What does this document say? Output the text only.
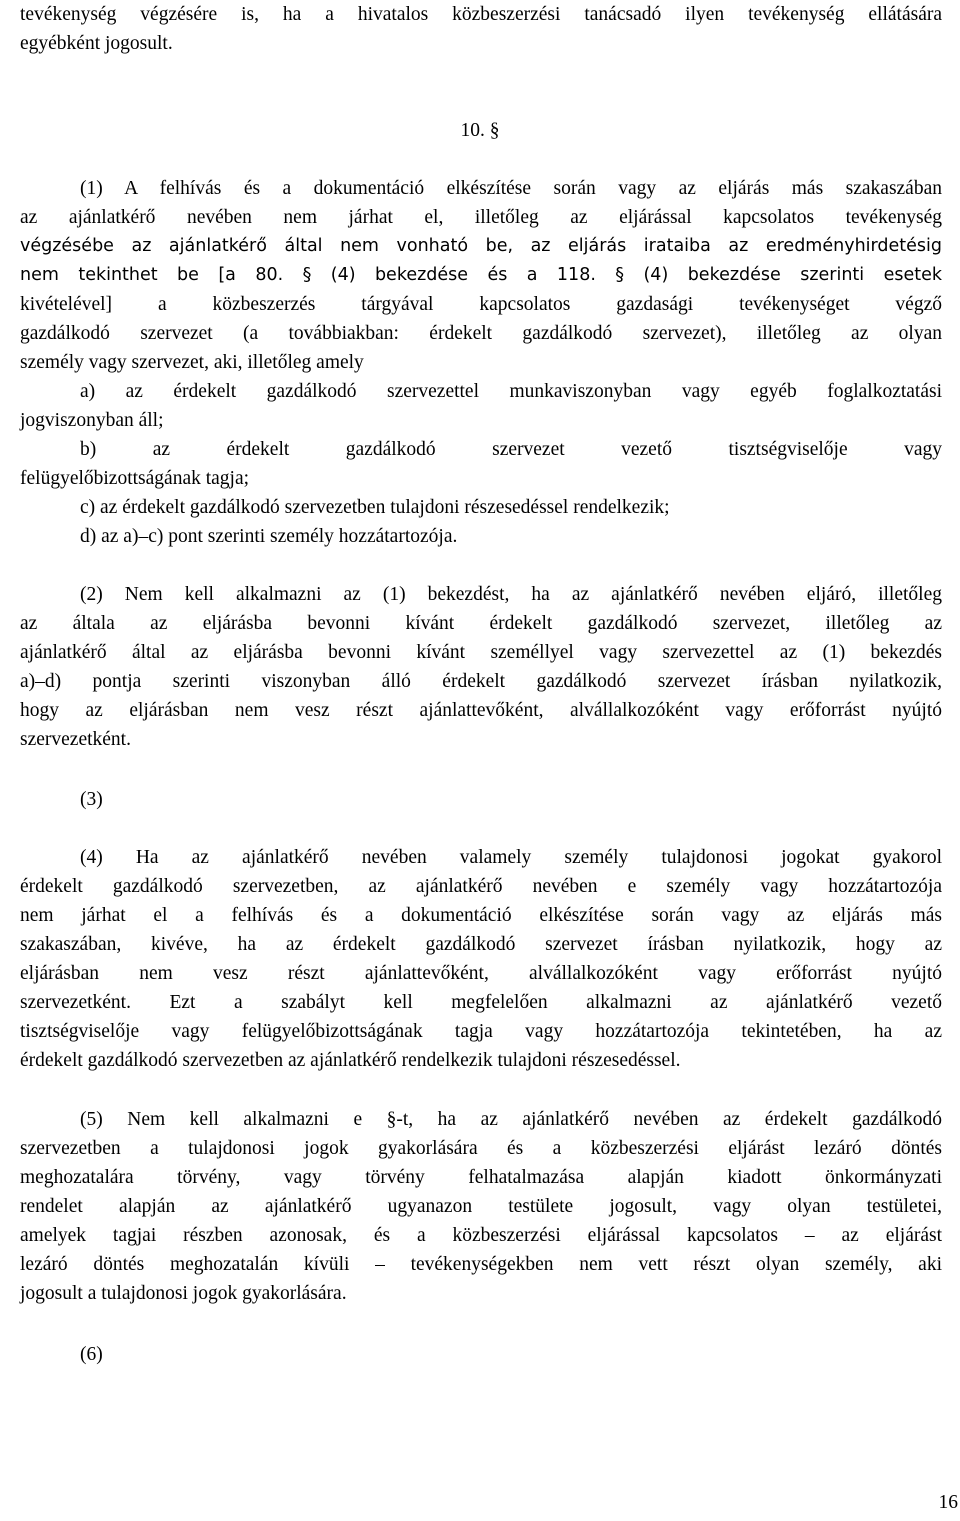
tevékenység végzésére is, ha a hivatalos közbeszerzési tanácsadó ilyen tevékenység ellátására
egyébként jogosult.
10. §
(1) A felhívás és a dokumentáció elkészítése során vagy az eljárás más szakaszában
az ajánlatkérő nevében nem járhat el, illetőleg az eljárással kapcsolatos tevékenység
végzésébe az ajánlatkérő által nem vonható be, az eljárás irataiba az eredményhirdetésig
nem tekinthet be [a 80. § (4) bekezdése és a 118. § (4) bekezdése szerinti esetek
kivételével] a közbeszerzés tárgyával kapcsolatos gazdasági tevékenységet végző
gazdálkodó szervezet (a továbbiakban: érdekelt gazdálkodó szervezet), illetőleg az olyan
személy vagy szervezet, aki, illetőleg amely
a) az érdekelt gazdálkodó szervezettel munkaviszonyban vagy egyéb foglalkoztatási
jogviszonyban áll;
b) az érdekelt gazdálkodó szervezet vezető tisztségviselője vagy
felügyelőbizottságának tagja;
c) az érdekelt gazdálkodó szervezetben tulajdoni részesedéssel rendelkezik;
d) az a)–c) pont szerinti személy hozzátartozója.
(2) Nem kell alkalmazni az (1) bekezdést, ha az ajánlatkérő nevében eljáró, illetőleg
az általa az eljárásba bevonni kívánt érdekelt gazdálkodó szervezet, illetőleg az
ajánlatkérő által az eljárásba bevonni kívánt személlyel vagy szervezettel az (1) bekezdés
a)–d) pontja szerinti viszonyban álló érdekelt gazdálkodó szervezet írásban nyilatkozik,
hogy az eljárásban nem vesz részt ajánlattevőként, alvállalkozóként vagy erőforrást nyújtó
szervezetként.
(3)
(4) Ha az ajánlatkérő nevében valamely személy tulajdonosi jogokat gyakorol
érdekelt gazdálkodó szervezetben, az ajánlatkérő nevében e személy vagy hozzátartozója
nem járhat el a felhívás és a dokumentáció elkészítése során vagy az eljárás más
szakaszában, kivéve, ha az érdekelt gazdálkodó szervezet írásban nyilatkozik, hogy az
eljárásban nem vesz részt ajánlattevőként, alvállalkozóként vagy erőforrást nyújtó
szervezetként. Ezt a szabályt kell megfelelően alkalmazni az ajánlatkérő vezető
tisztségviselője vagy felügyelőbizottságának tagja vagy hozzátartozója tekintetében, ha az
érdekelt gazdálkodó szervezetben az ajánlatkérő rendelkezik tulajdoni részesedéssel.
(5) Nem kell alkalmazni e §-t, ha az ajánlatkérő nevében az érdekelt gazdálkodó
szervezetben a tulajdonosi jogok gyakorlására és a közbeszerzési eljárást lezáró döntés
meghozatalára törvény, vagy törvény felhatalmazása alapján kiadott önkormányzati
rendelet alapján az ajánlatkérő ugyanazon testülete jogosult, vagy olyan testületei,
amelyek tagjai részben azonosak, és a közbeszerzési eljárással kapcsolatos – az eljárást
lezáró döntés meghozatalán kívüli – tevékenységekben nem vett részt olyan személy, aki
jogosult a tulajdonosi jogok gyakorlására.
(6)
16
